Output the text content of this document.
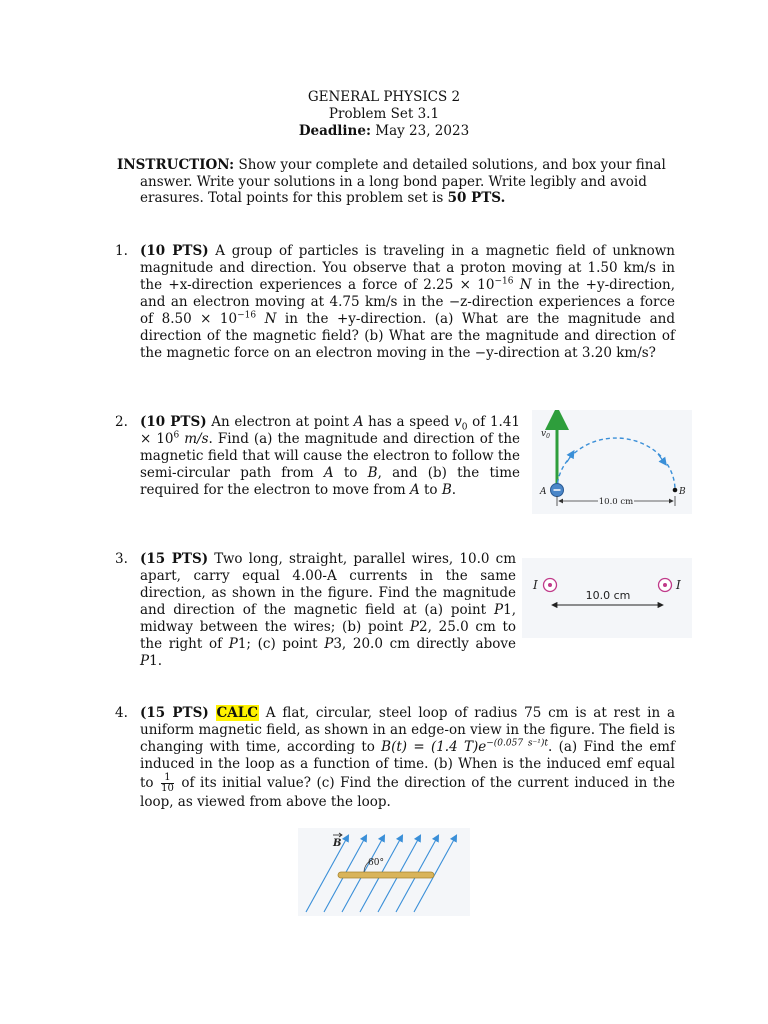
GENERAL PHYSICS 2
Problem Set 3.1
Deadline: May 23, 2023
INSTRUCTION: Show your complete and detailed solutions, and box your final answer. Write your solutions in a long bond paper. Write legibly and avoid erasures. Total points for this problem set is 50 PTS.
1. (10 PTS) A group of particles is traveling in a magnetic field of unknown magnitude and direction. You observe that a proton moving at 1.50 km/s in the +x-direction experiences a force of $2.25 \times 10^{-16}$ N in the +y-direction, and an electron moving at 4.75 km/s in the −z-direction experiences a force of $8.50 \times 10^{-16}$ N in the +y-direction. (a) What are the magnitude and direction of the magnetic field? (b) What are the magnitude and direction of the magnetic force on an electron moving in the −y-direction at 3.20 km/s?
2. (10 PTS) An electron at point A has a speed $v_0$ of $1.41 \times 10^6$ m/s. Find (a) the magnitude and direction of the magnetic field that will cause the electron to follow the semi-circular path from A to B, and (b) the time required for the electron to move from A to B.
$v_0$
A	B
10.0 cm
3. (15 PTS) Two long, straight, parallel wires, 10.0 cm apart, carry equal 4.00-A currents in the same direction, as shown in the figure. Find the magnitude and direction of the magnetic field at (a) point P1, midway between the wires; (b) point P2, 25.0 cm to the right of P1; (c) point P3, 20.0 cm directly above P1.
I	I
10.0 cm
4. (15 PTS) CALC A flat, circular, steel loop of radius 75 cm is at rest in a uniform magnetic field, as shown in an edge-on view in the figure. The field is changing with time, according to B(t) = (1.4 $T)e^{-(0.057 s^{-1})t}$. (a) Find the emf induced in the loop as a function of time. (b) When is the induced emf equal to $\frac{1}{10}$ of its initial value? (c) Find the direction of the current induced in the loop, as viewed from above the loop.
60°
B
